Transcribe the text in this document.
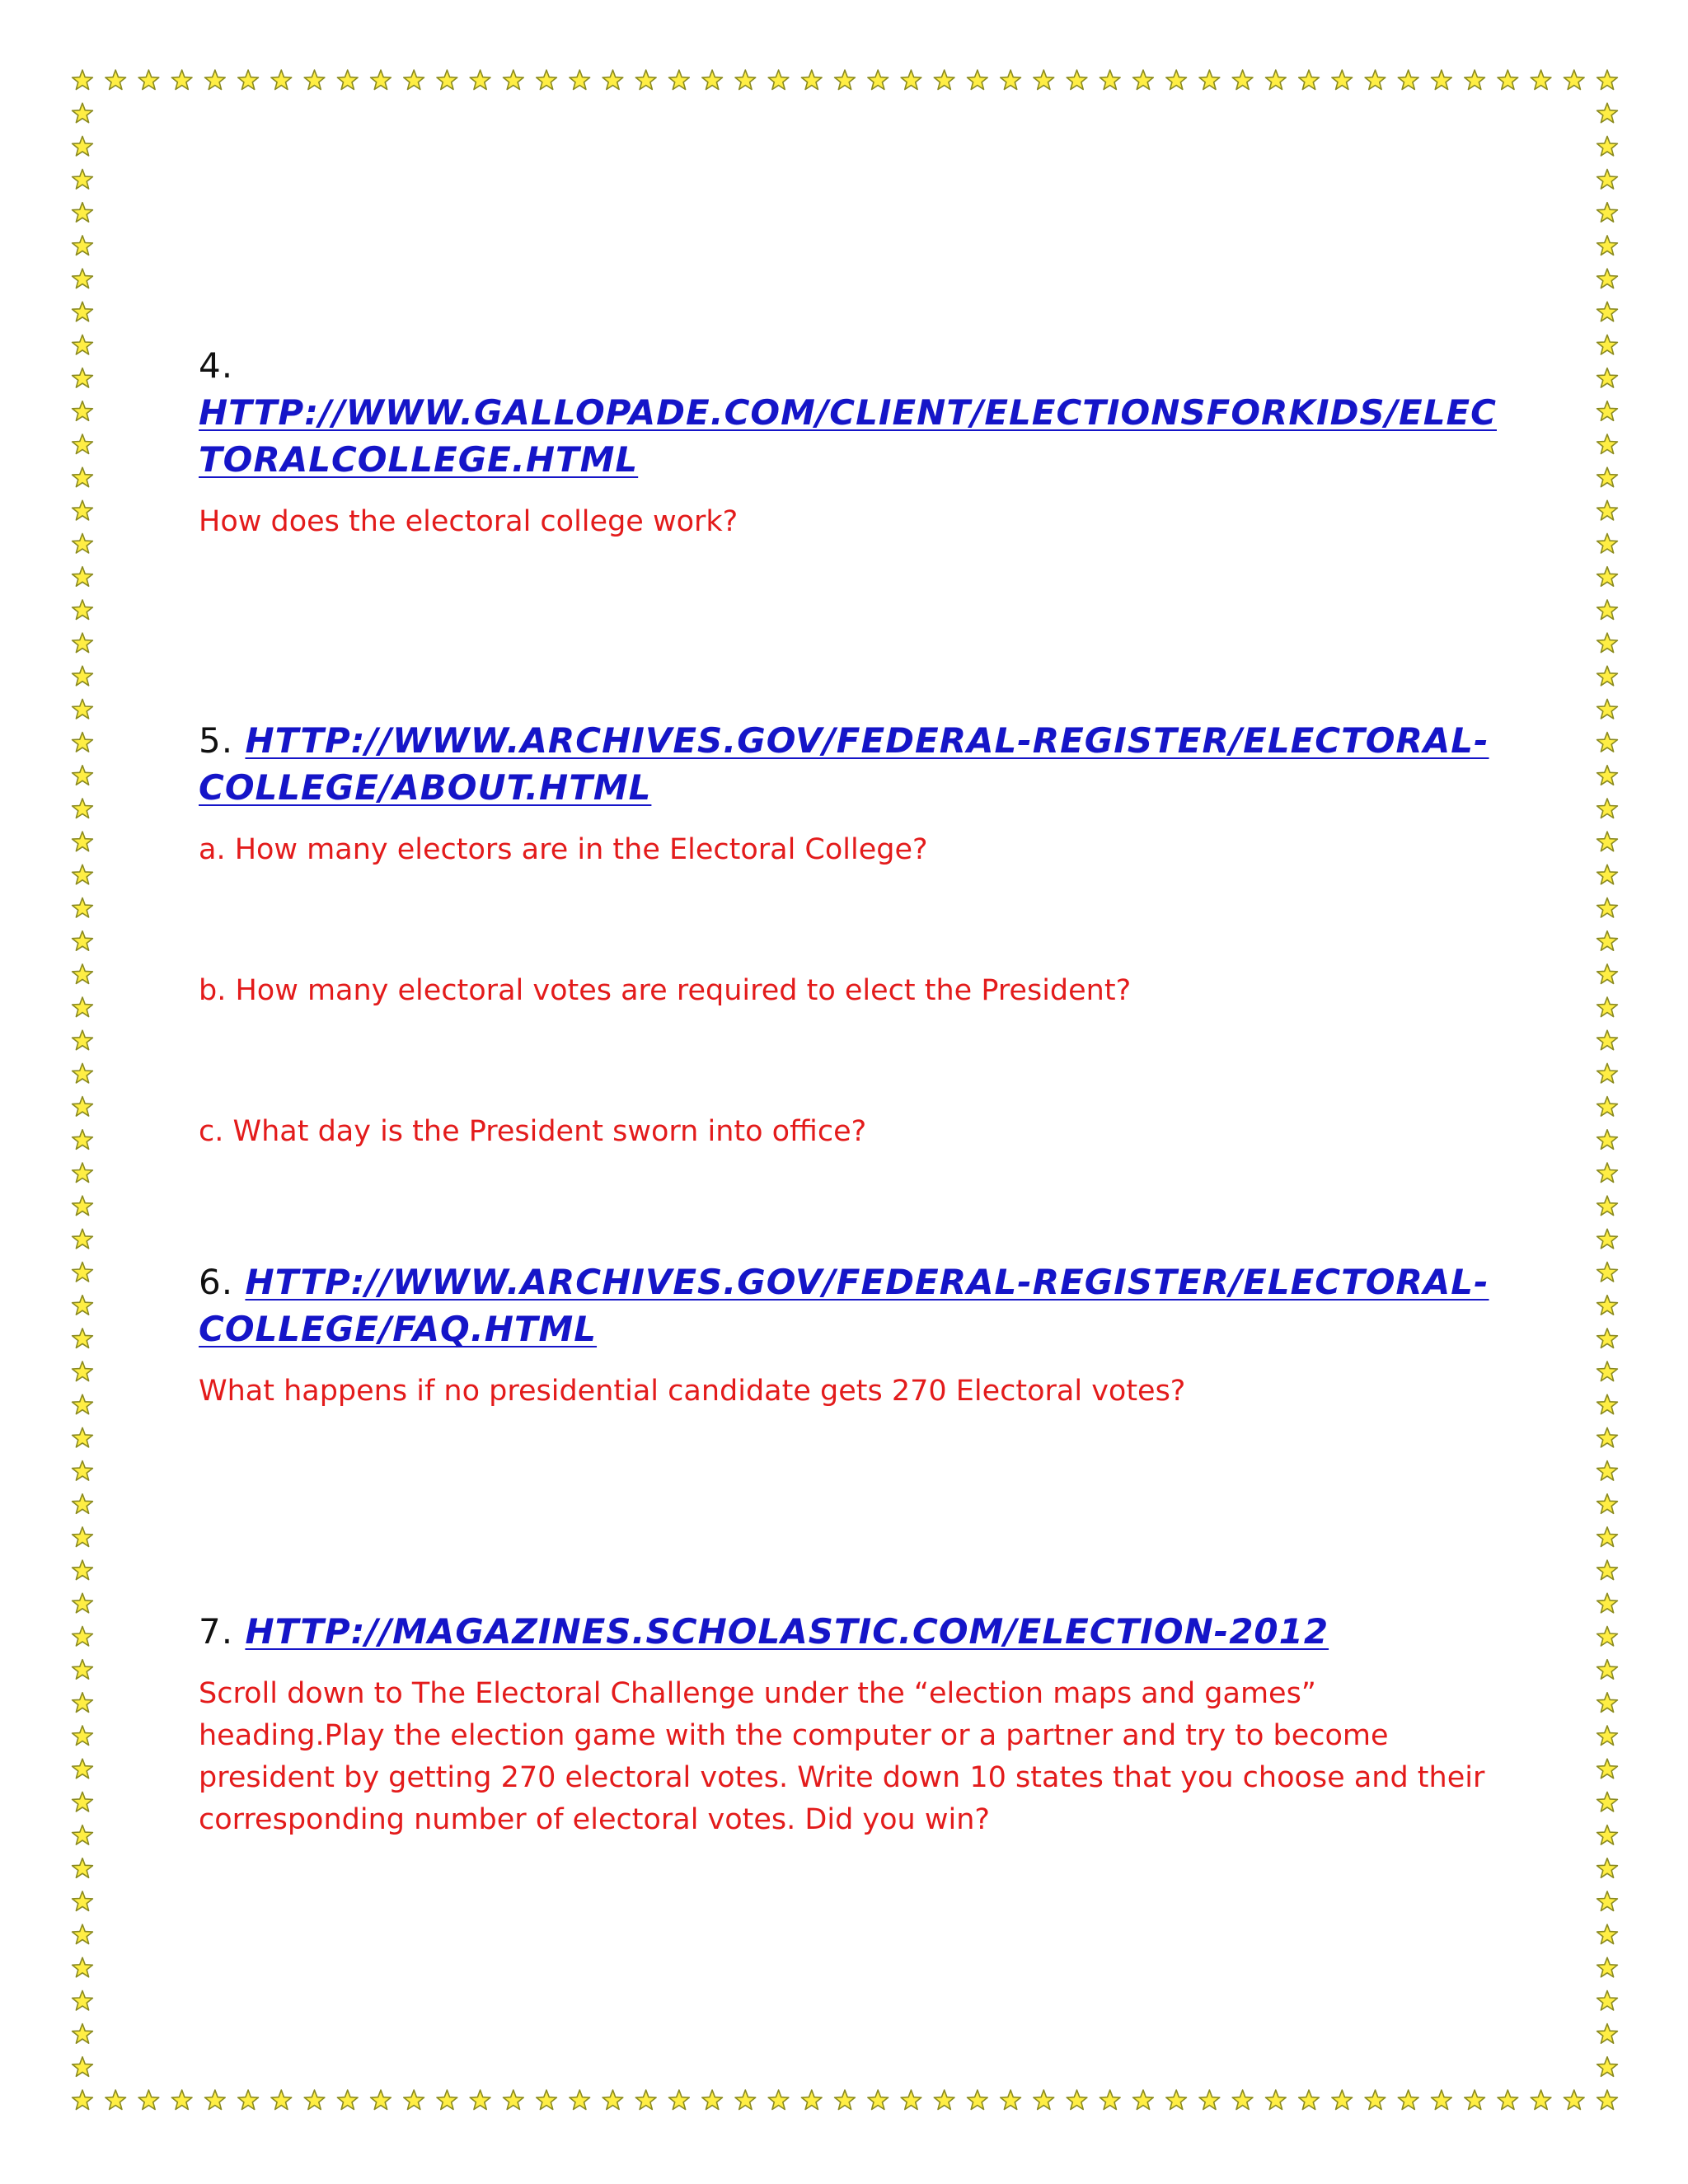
4.
HTTP://WWW.GALLOPADE.COM/CLIENT/ELECTIONSFORKIDS/ELECTORALCOLLEGE.HTML

How does the electoral college work?

5. HTTP://WWW.ARCHIVES.GOV/FEDERAL-REGISTER/ELECTORAL-COLLEGE/ABOUT.HTML

a. How many electors are in the Electoral College?

b. How many electoral votes are required to elect the President?

c. What day is the President sworn into office?

6. HTTP://WWW.ARCHIVES.GOV/FEDERAL-REGISTER/ELECTORAL-COLLEGE/FAQ.HTML

What happens if no presidential candidate gets 270 Electoral votes?

7. HTTP://MAGAZINES.SCHOLASTIC.COM/ELECTION-2012

Scroll down to The Electoral Challenge under the “election maps and games” heading.Play the election game with the computer or a partner and try to become president by getting 270 electoral votes. Write down 10 states that you choose and their corresponding number of electoral votes. Did you win?
